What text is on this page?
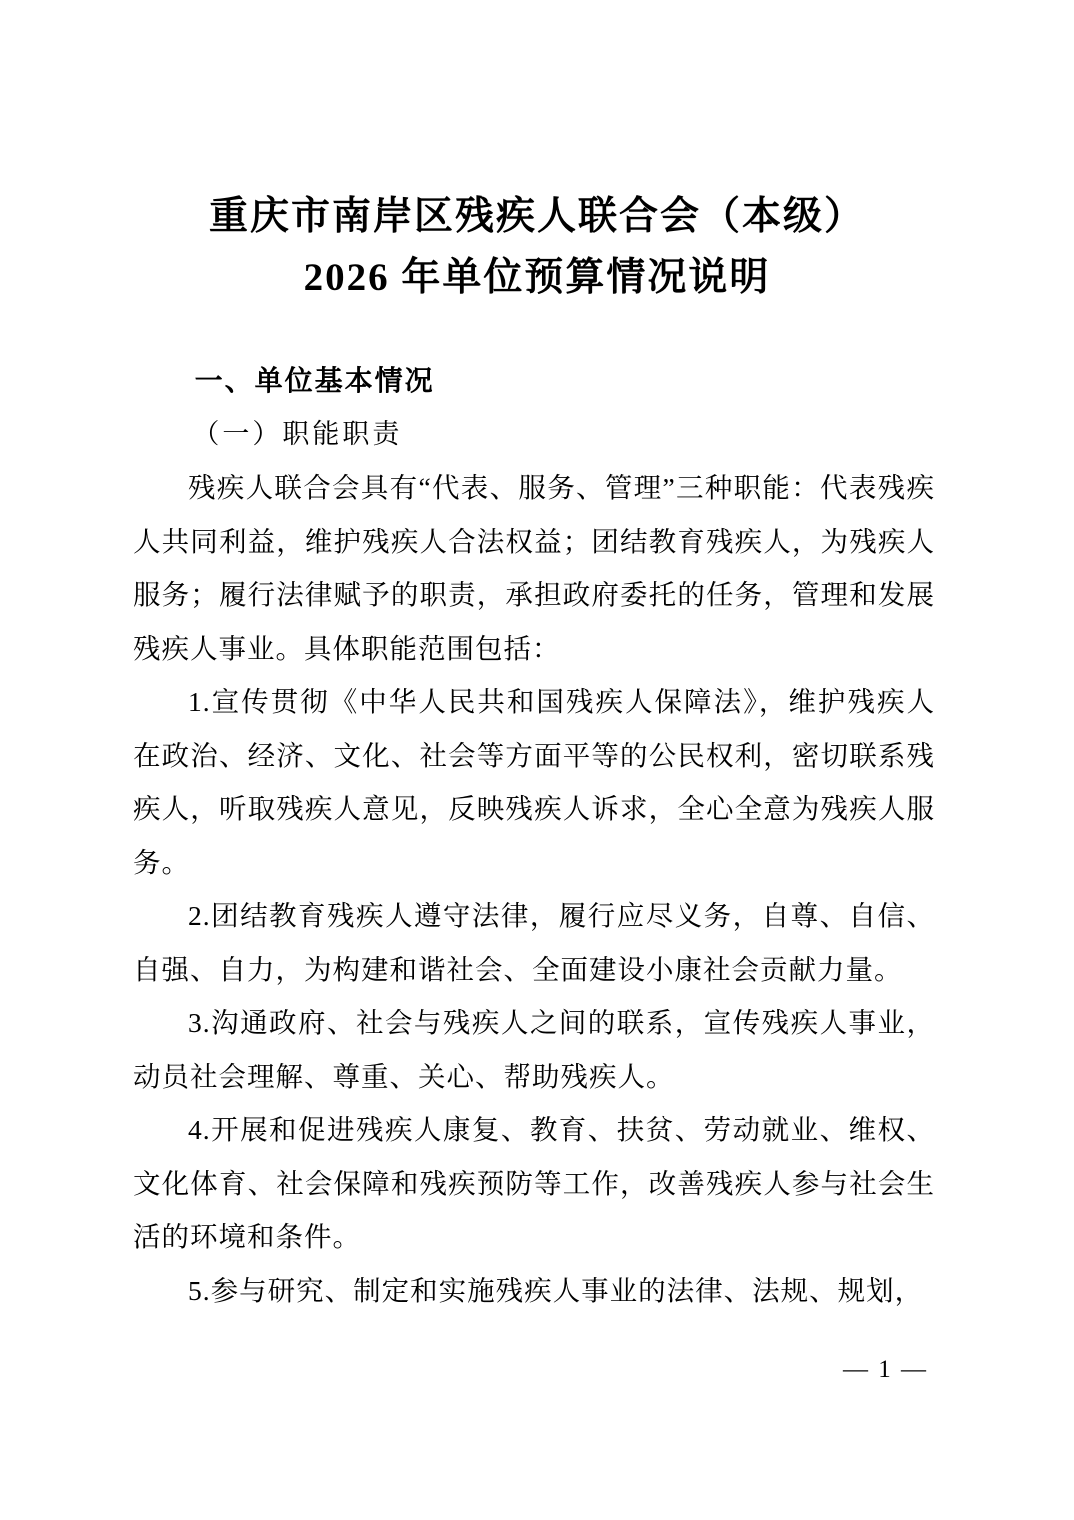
重庆市南岸区残疾人联合会（本级）
2026 年单位预算情况说明
一、单位基本情况
（一）职能职责

残疾人联合会具有“代表、服务、管理”三种职能：代表残疾人共同利益，维护残疾人合法权益；团结教育残疾人，为残疾人服务；履行法律赋予的职责，承担政府委托的任务，管理和发展残疾人事业。具体职能范围包括：

1.宣传贯彻《中华人民共和国残疾人保障法》，维护残疾人在政治、经济、文化、社会等方面平等的公民权利，密切联系残疾人，听取残疾人意见，反映残疾人诉求，全心全意为残疾人服务。

2.团结教育残疾人遵守法律，履行应尽义务，自尊、自信、自强、自力，为构建和谐社会、全面建设小康社会贡献力量。

3.沟通政府、社会与残疾人之间的联系，宣传残疾人事业，动员社会理解、尊重、关心、帮助残疾人。

4.开展和促进残疾人康复、教育、扶贫、劳动就业、维权、文化体育、社会保障和残疾预防等工作，改善残疾人参与社会生活的环境和条件。

5.参与研究、制定和实施残疾人事业的法律、法规、规划，

— 1 —
